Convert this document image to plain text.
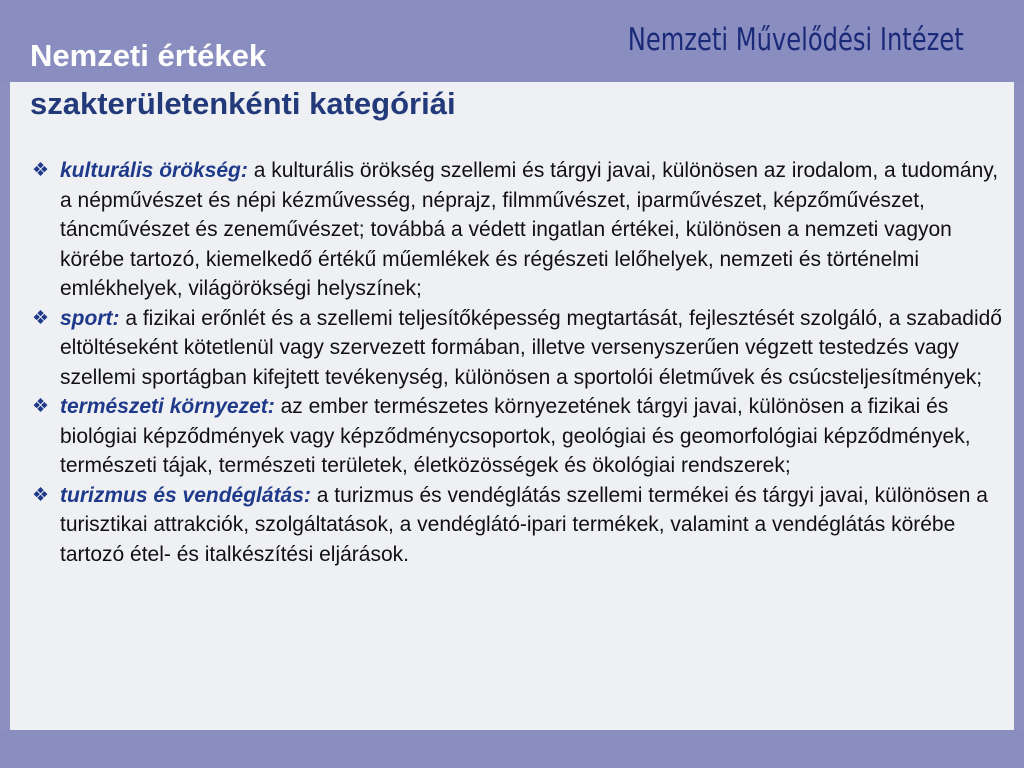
Nemzeti értékek
szakterületenkénti kategóriái
Nemzeti Művelődési Intézet
❖ kulturális örökség: a kulturális örökség szellemi és tárgyi javai, különösen az irodalom, a tudomány, a népművészet és népi kézművesség, néprajz, filmművészet, iparművészet, képzőművészet, táncművészet és zeneművészet; továbbá a védett ingatlan értékei, különösen a nemzeti vagyon körébe tartozó, kiemelkedő értékű műemlékek és régészeti lelőhelyek, nemzeti és történelmi emlékhelyek, világörökségi helyszínek;
❖ sport: a fizikai erőnlét és a szellemi teljesítőképesség megtartását, fejlesztését szolgáló, a szabadidő eltöltéseként kötetlenül vagy szervezett formában, illetve versenyszerűen végzett testedzés vagy szellemi sportágban kifejtett tevékenység, különösen a sportolói életművek és csúcsteljesítmények;
❖ természeti környezet: az ember természetes környezetének tárgyi javai, különösen a fizikai és biológiai képződmények vagy képződménycsoportok, geológiai és geomorfológiai képződmények, természeti tájak, természeti területek, életközösségek és ökológiai rendszerek;
❖ turizmus és vendéglátás: a turizmus és vendéglátás szellemi termékei és tárgyi javai, különösen a turisztikai attrakciók, szolgáltatások, a vendéglátó-ipari termékek, valamint a vendéglátás körébe tartozó étel- és italkészítési eljárások.
